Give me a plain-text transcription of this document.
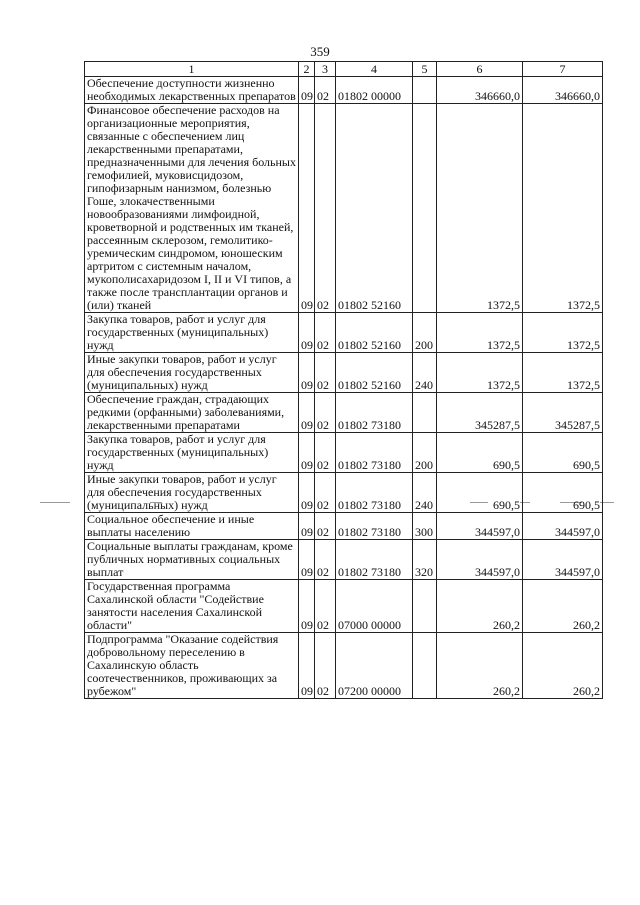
359
1	2	3	4	5	6	7
Обеспечение доступности жизненно необходимых лекарственных препаратов	09	02	01802 00000		346660,0	346660,0
Финансовое обеспечение расходов на организационные мероприятия, связанные с обеспечением лиц лекарственными препаратами, предназначенными для лечения больных гемофилией, муковисцидозом, гипофизарным нанизмом, болезнью Гоше, злокачественными новообразованиями лимфоидной, кроветворной и родственных им тканей, рассеянным склерозом, гемолитико-уремическим синдромом, юношеским артритом с системным началом, мукополисахаридозом I, II и VI типов, а также после трансплантации органов и (или) тканей	09	02	01802 52160		1372,5	1372,5
Закупка товаров, работ и услуг для государственных (муниципальных) нужд	09	02	01802 52160	200	1372,5	1372,5
Иные закупки товаров, работ и услуг для обеспечения государственных (муниципальных) нужд	09	02	01802 52160	240	1372,5	1372,5
Обеспечение граждан, страдающих редкими (орфанными) заболеваниями, лекарственными препаратами	09	02	01802 73180		345287,5	345287,5
Закупка товаров, работ и услуг для государственных (муниципальных) нужд	09	02	01802 73180	200	690,5	690,5
Иные закупки товаров, работ и услуг для обеспечения государственных (муниципальных) нужд	09	02	01802 73180	240	690,5	690,5
Социальное обеспечение и иные выплаты населению	09	02	01802 73180	300	344597,0	344597,0
Социальные выплаты гражданам, кроме публичных нормативных социальных выплат	09	02	01802 73180	320	344597,0	344597,0
Государственная программа Сахалинской области "Содействие занятости населения Сахалинской области"	09	02	07000 00000		260,2	260,2
Подпрограмма "Оказание содействия добровольному переселению в Сахалинскую область соотечественников, проживающих за рубежом"	09	02	07200 00000		260,2	260,2
